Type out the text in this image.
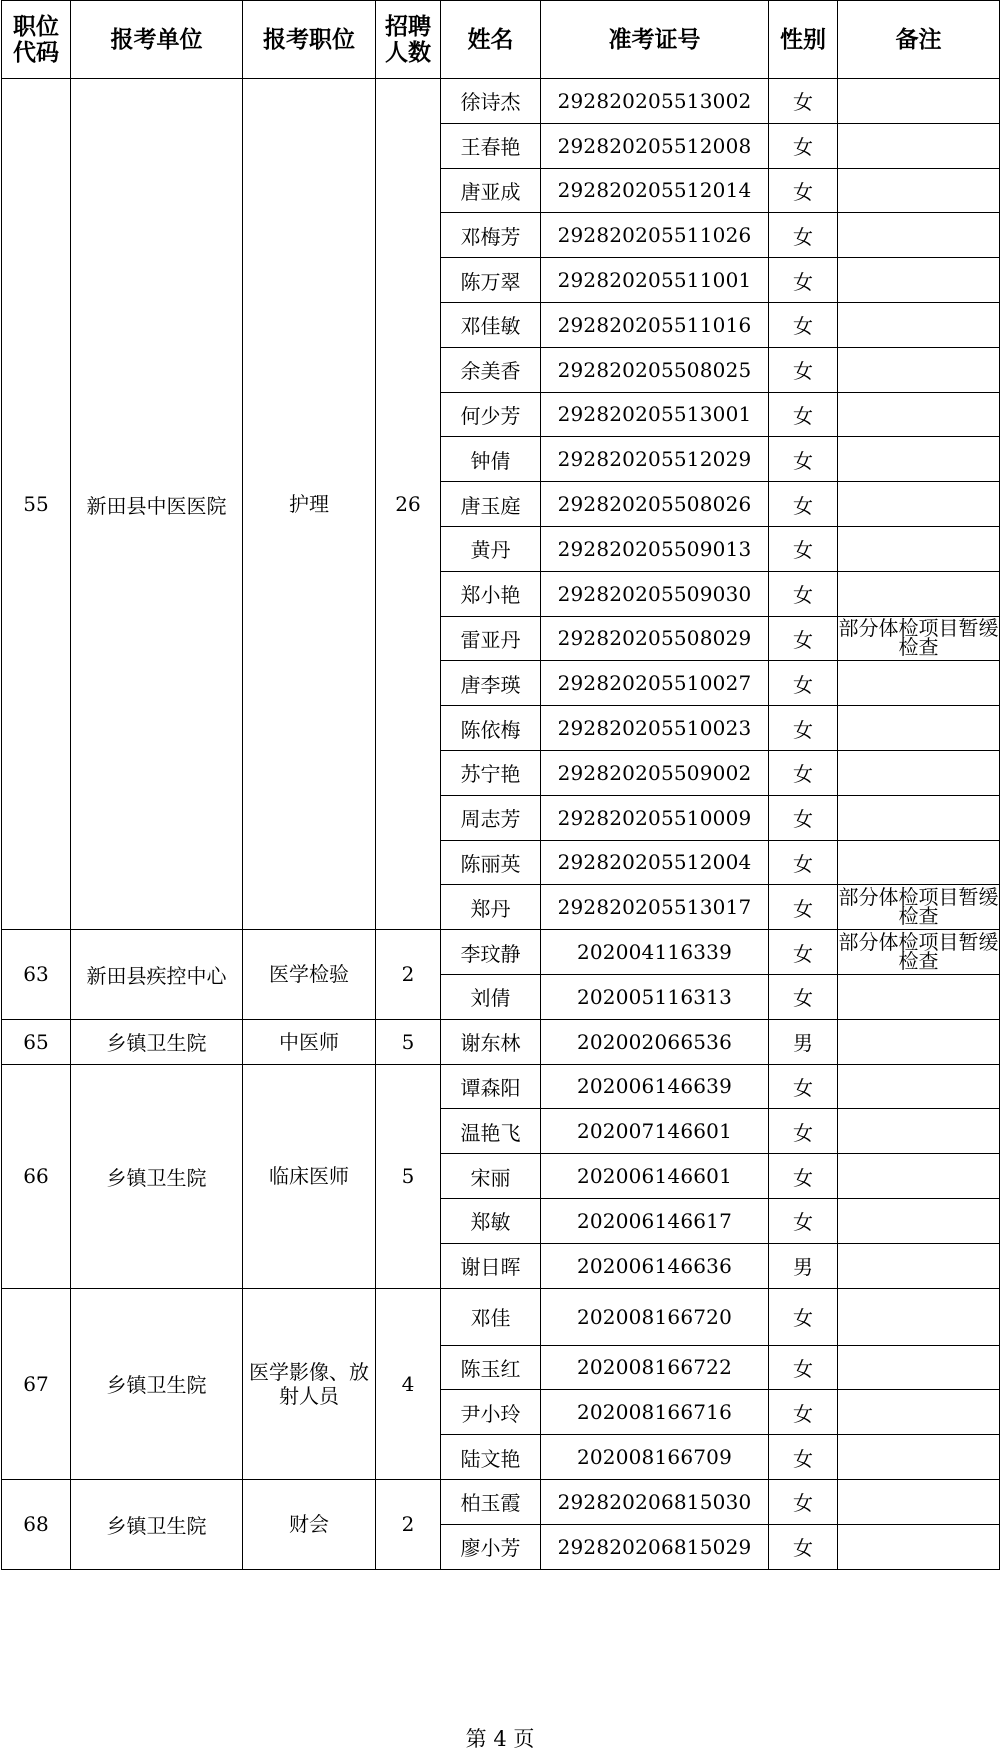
职位代码	报考单位	报考职位	招聘人数	姓名	准考证号	性别	备注
55	新田县中医医院	护理	26	徐诗杰	292820205513002	女	
				王春艳	292820205512008	女	
				唐亚成	292820205512014	女	
				邓梅芳	292820205511026	女	
				陈万翠	292820205511001	女	
				邓佳敏	292820205511016	女	
				余美香	292820205508025	女	
				何少芳	292820205513001	女	
				钟倩	292820205512029	女	
				唐玉庭	292820205508026	女	
				黄丹	292820205509013	女	
				郑小艳	292820205509030	女	
				雷亚丹	292820205508029	女	部分体检项目暂缓检查
				唐李瑛	292820205510027	女	
				陈依梅	292820205510023	女	
				苏宁艳	292820205509002	女	
				周志芳	292820205510009	女	
				陈丽英	292820205512004	女	
				郑丹	292820205513017	女	部分体检项目暂缓检查
63	新田县疾控中心	医学检验	2	李玟静	202004116339	女	部分体检项目暂缓检查
				刘倩	202005116313	女	
65	乡镇卫生院	中医师	5	谢东林	202002066536	男	
66	乡镇卫生院	临床医师	5	谭森阳	202006146639	女	
				温艳飞	202007146601	女	
				宋丽	202006146601	女	
				郑敏	202006146617	女	
				谢日晖	202006146636	男	
67	乡镇卫生院	医学影像、放射人员	4	邓佳	202008166720	女	
				陈玉红	202008166722	女	
				尹小玲	202008166716	女	
				陆文艳	202008166709	女	
68	乡镇卫生院	财会	2	柏玉霞	292820206815030	女	
				廖小芳	292820206815029	女	
第 4 页
